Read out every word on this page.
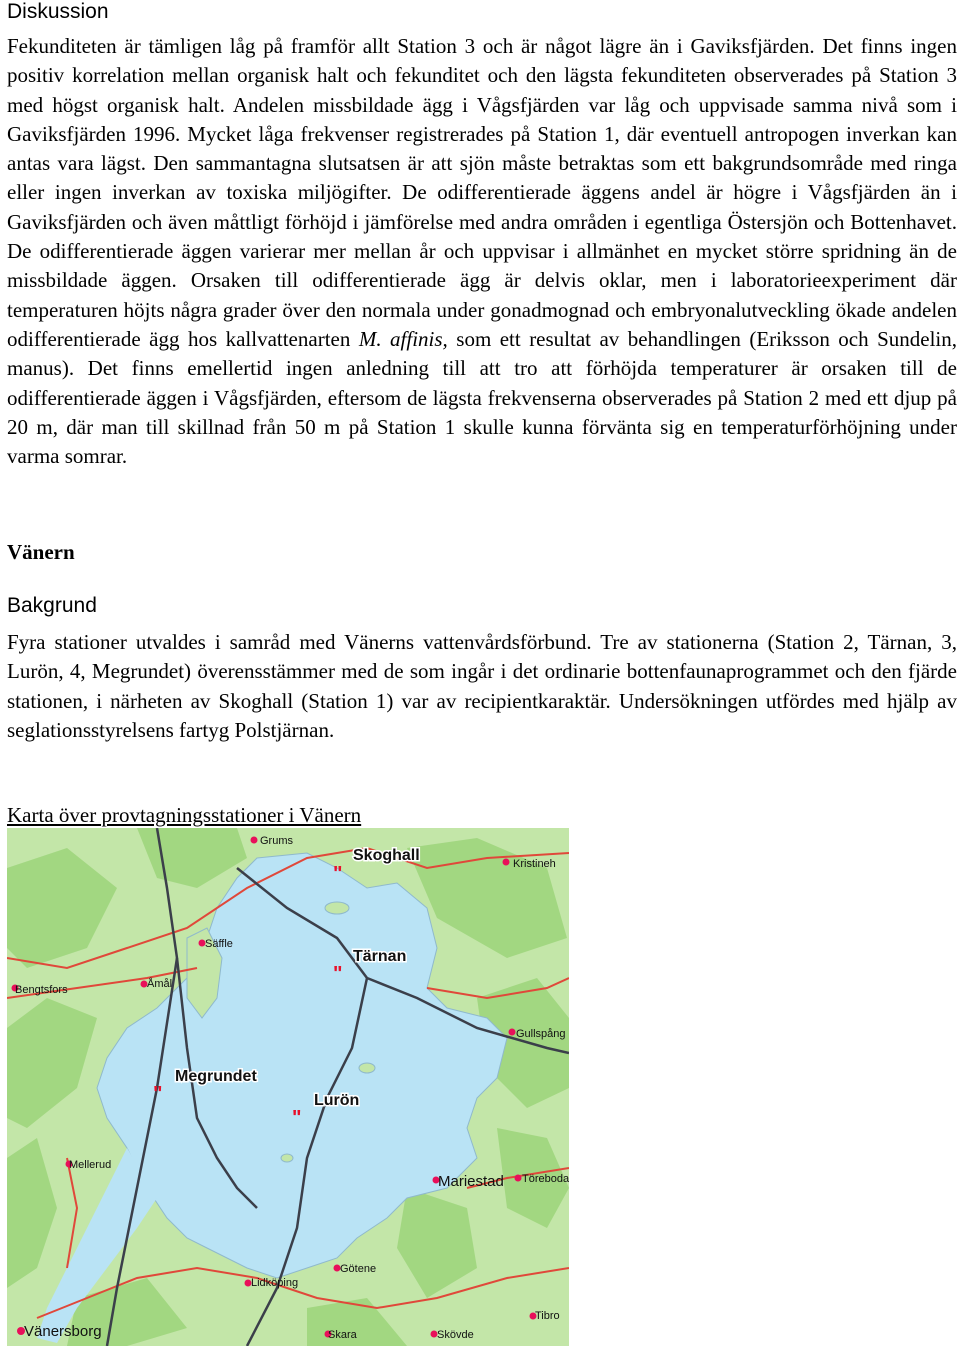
Diskussion

Fekunditeten är tämligen låg på framför allt Station 3 och är något lägre än i Gaviksfjärden. Det finns ingen positiv korrelation mellan organisk halt och fekunditet och den lägsta fekunditeten observerades på Station 3 med högst organisk halt. Andelen missbildade ägg i Vågsfjärden var låg och uppvisade samma nivå som i Gaviksfjärden 1996. Mycket låga frekvenser registrerades på Station 1, där eventuell antropogen inverkan kan antas vara lägst. Den sammantagna slutsatsen är att sjön måste betraktas som ett bakgrundsområde med ringa eller ingen inverkan av toxiska miljögifter. De odifferentierade äggens andel är högre i Vågsfjärden än i Gaviksfjärden och även måttligt förhöjd i jämförelse med andra områden i egentliga Östersjön och Bottenhavet. De odifferentierade äggen varierar mer mellan år och uppvisar i allmänhet en mycket större spridning än de missbildade äggen. Orsaken till odifferentierade ägg är delvis oklar, men i laboratorieexperiment där temperaturen höjts några grader över den normala under gonadmognad och embryonalutveckling ökade andelen odifferentierade ägg hos kallvattenarten M. affinis, som ett resultat av behandlingen (Eriksson och Sundelin, manus). Det finns emellertid ingen anledning till att tro att förhöjda temperaturer är orsaken till de odifferentierade äggen i Vågsfjärden, eftersom de lägsta frekvenserna observerades på Station 2 med ett djup på 20 m, där man till skillnad från 50 m på Station 1 skulle kunna förvänta sig en temperaturförhöjning under varma somrar.

Vänern
Bakgrund

Fyra stationer utvaldes i samråd med Vänerns vattenvårdsförbund. Tre av stationerna (Station 2, Tärnan, 3, Lurön, 4, Megrundet) överensstämmer med de som ingår i det ordinarie bottenfaunaprogrammet och den fjärde stationen, i närheten av Skoghall (Station 1) var av recipientkaraktär. Undersökningen utfördes med hjälp av seglationsstyrelsens fartyg Polstjärnan.

Karta över provtagningsstationer i Vänern
Grums
Kristineh
Säffle
Bengtsfors	Åmål
Gullspång
Mellerud
Mariestad Töreboda
Götene
Lidköping
Tibro
Vänersborg	Skara	Skövde
"
Skoghall
"
Tärnan
"
Megrundet
"
Lurön
